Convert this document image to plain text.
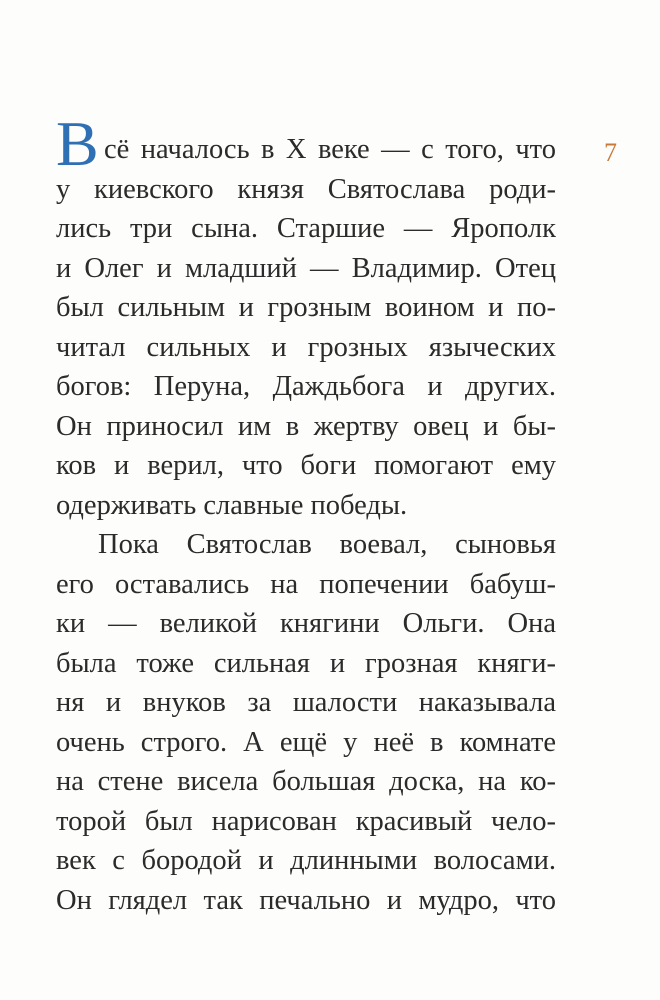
7
В сё началось в X веке — с того, что
у киевского князя Святослава роди-
лись три сына. Старшие — Ярополк
и Олег и младший — Владимир. Отец
был сильным и грозным воином и по-
читал сильных и грозных языческих
богов: Перуна, Даждьбога и других.
Он приносил им в жертву овец и бы-
ков и верил, что боги помогают ему
одерживать славные победы.
Пока Святослав воевал, сыновья
его оставались на попечении бабуш-
ки — великой княгини Ольги. Она
была тоже сильная и грозная княги-
ня и внуков за шалости наказывала
очень строго. А ещё у неё в комнате
на стене висела большая доска, на ко-
торой был нарисован красивый чело-
век с бородой и длинными волосами.
Он глядел так печально и мудро, что
